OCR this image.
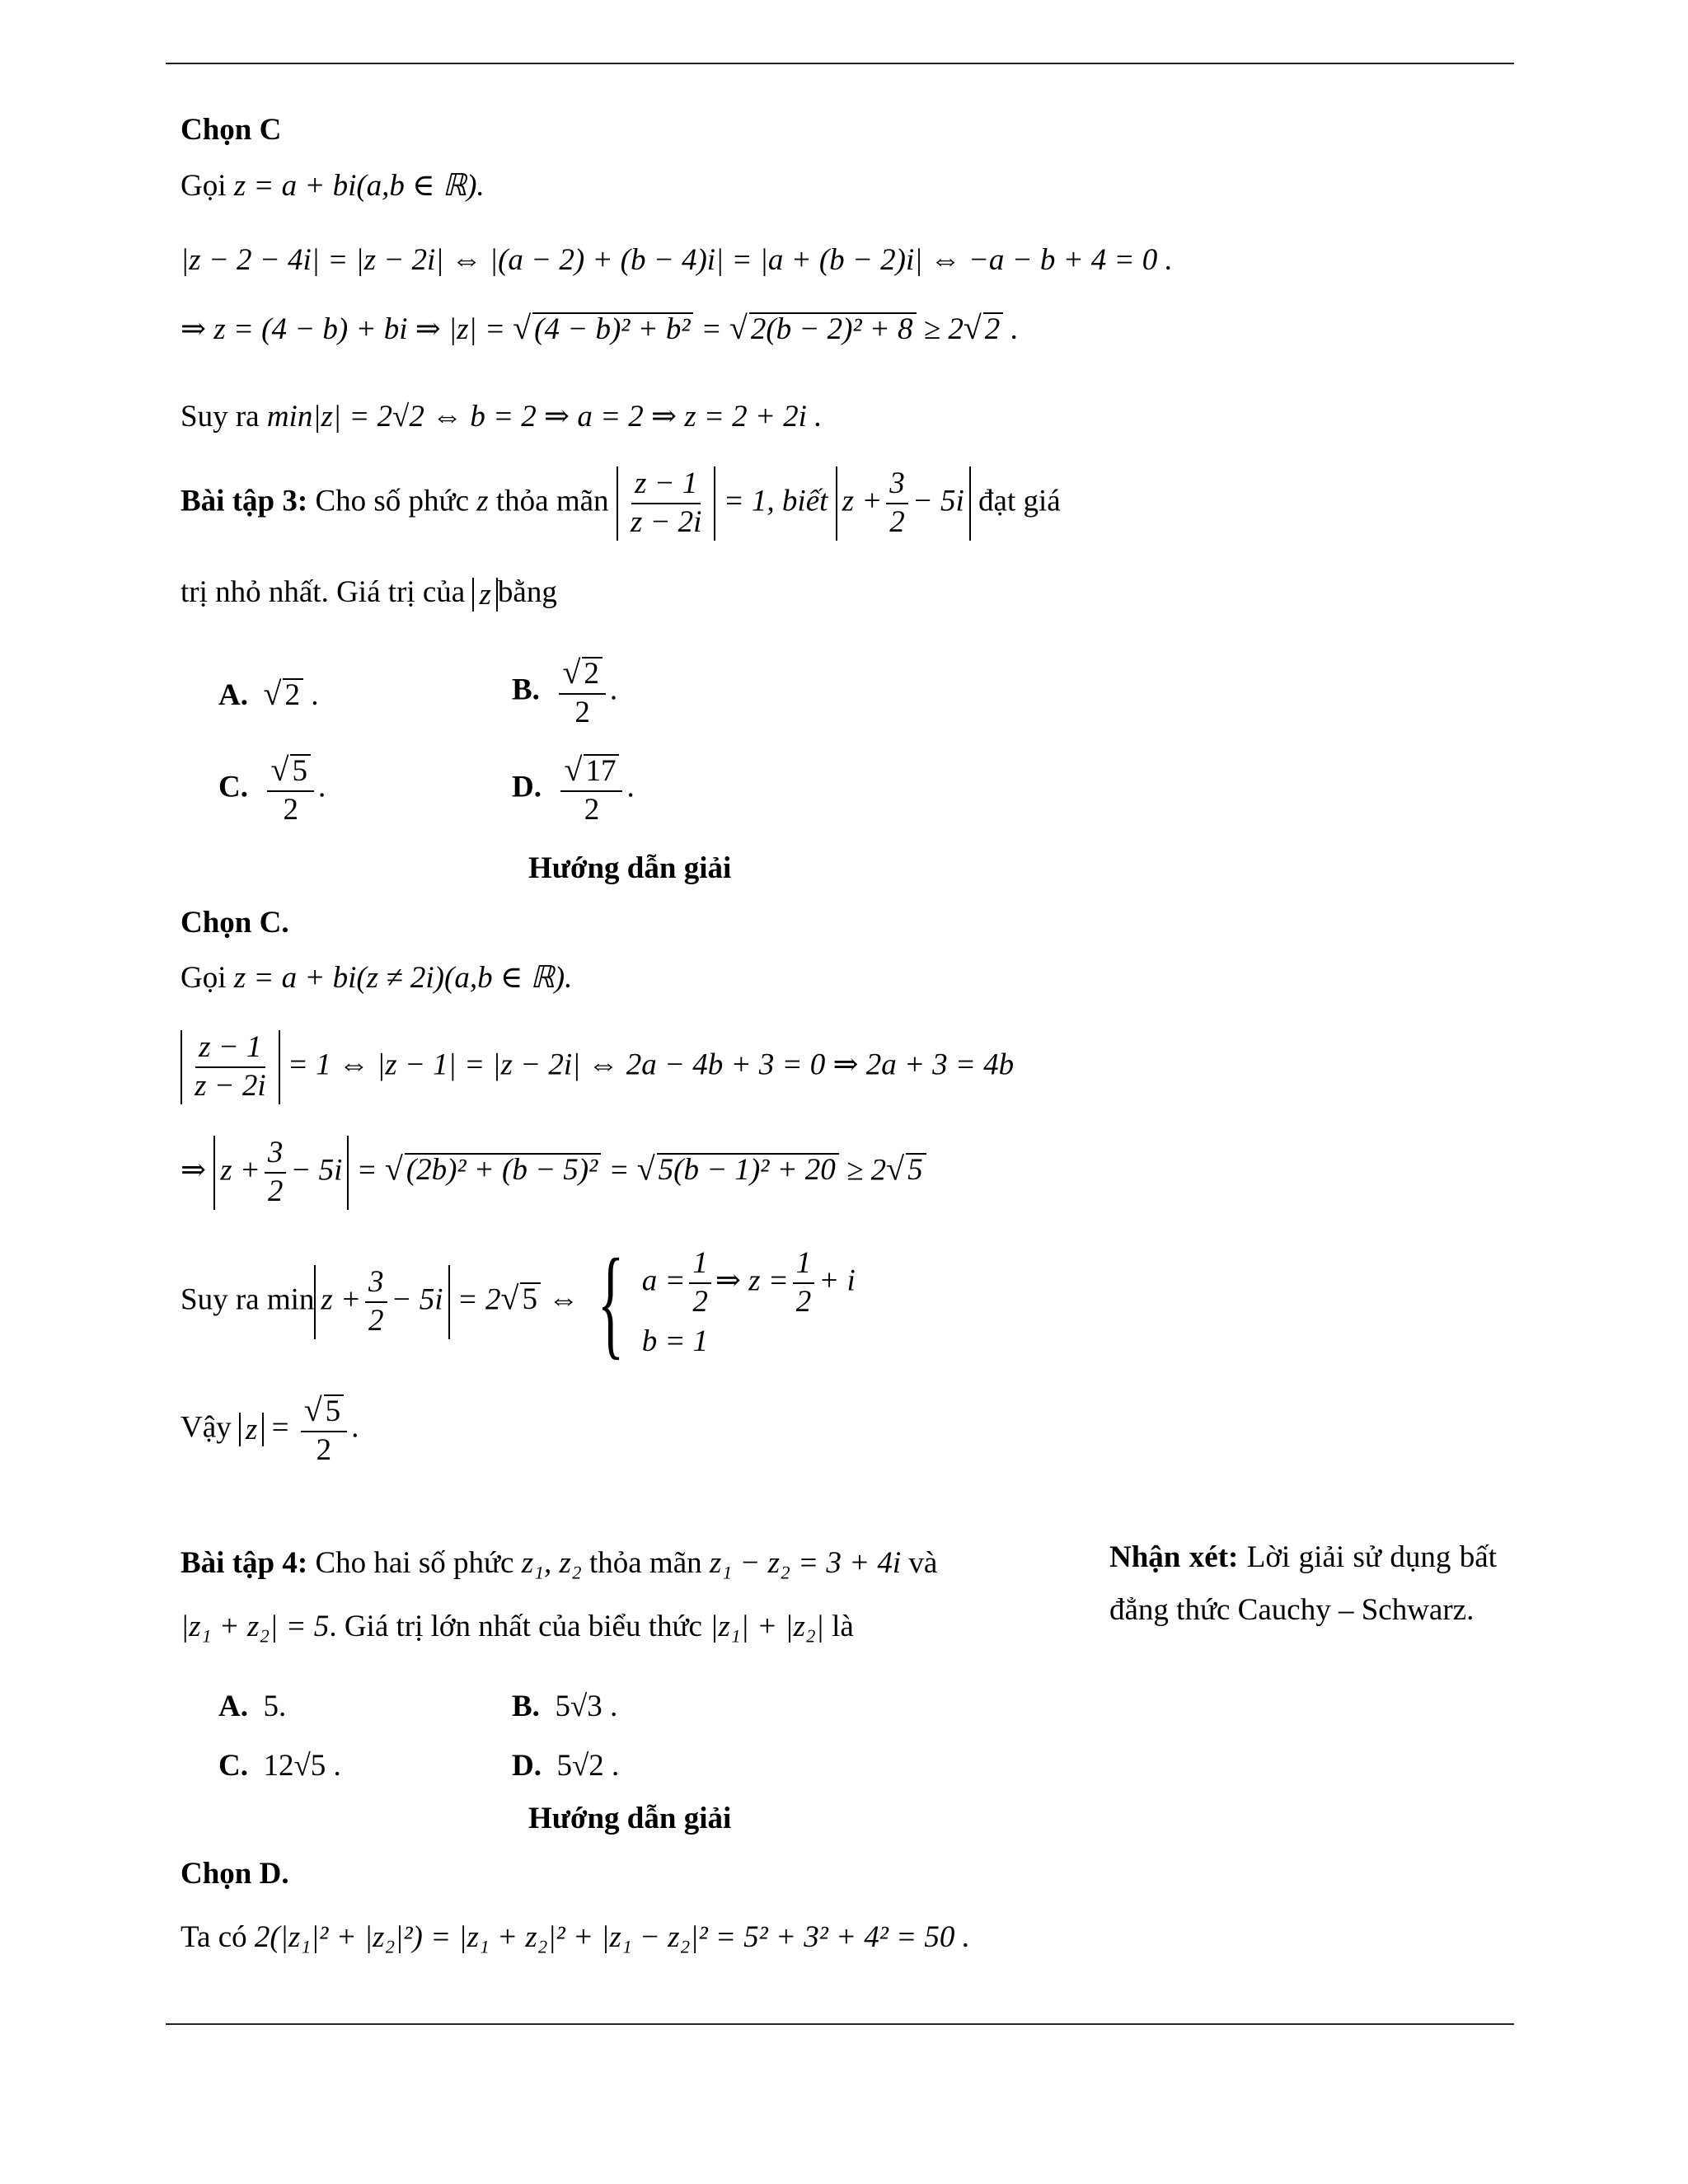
Chọn C
Gọi z = a + bi(a,b ∈ ℝ).
|z − 2 − 4i| = |z − 2i| ⇔ |(a − 2) + (b − 4)i| = |a + (b − 2)i| ⇔ −a − b + 4 = 0 .
⇒ z = (4 − b) + bi ⇒ |z| = √ (4 − b)² + b² = √ 2(b − 2)² + 8 ≥ 2√ 2 .
Suy ra min|z| = 2√2 ⇔ b = 2 ⇒ a = 2 ⇒ z = 2 + 2i .
Bài tập 3: Cho số phức z thỏa mãn $\frac{z - 1}{z - 2i} = 1$, biết $z + \frac{3}{2} - 5i$ đạt giá
trị nhỏ nhất. Giá trị của z bằng
A. √ 2 .	B. $\frac{√ 2}{2}$ .
C. $\frac{√ 5}{2}$ .	D. $\frac{√ 17}{2}$ .
Hướng dẫn giải
Chọn C.
Gọi z = a + bi(z ≠ 2i)(a,b ∈ ℝ).
$\frac{z - 1}{z - 2i} = 1$ ⇔ |z − 1| = |z − 2i| ⇔ 2a − 4b + 3 = 0 ⇒ 2a + 3 = 4b
⇒ $z + \frac{3}{2} - 5i$ = √ (2b)² + (b − 5)² = √ 5(b − 1)² + 20 ≥ 2√ 5
Suy ra $\min z + \frac{3}{2} - 5i = 2√$ 5 ⇔ { $a = \frac{1}{2}$ ⇒ $z = \frac{1}{2} + i$
b = 1
Vậy $z = \frac{√ 5}{2}$ .
Bài tập 4: Cho hai số phức z₁, z₂ thỏa mãn z₁ − z₂ = 3 + 4i và
|z₁ + z₂| = 5. Giá trị lớn nhất của biểu thức |z₁| + |z₂| là
A. 5.	B. 5√3 .
C. 12√5 .	D. 5√2 .
Hướng dẫn giải
Chọn D.
Ta có 2(|z₁|² + |z₂|²) = |z₁ + z₂|² + |z₁ − z₂|² = 5² + 3² + 4² = 50 .
Nhận xét: Lời giải sử dụng bất đẳng thức Cauchy – Schwarz.
